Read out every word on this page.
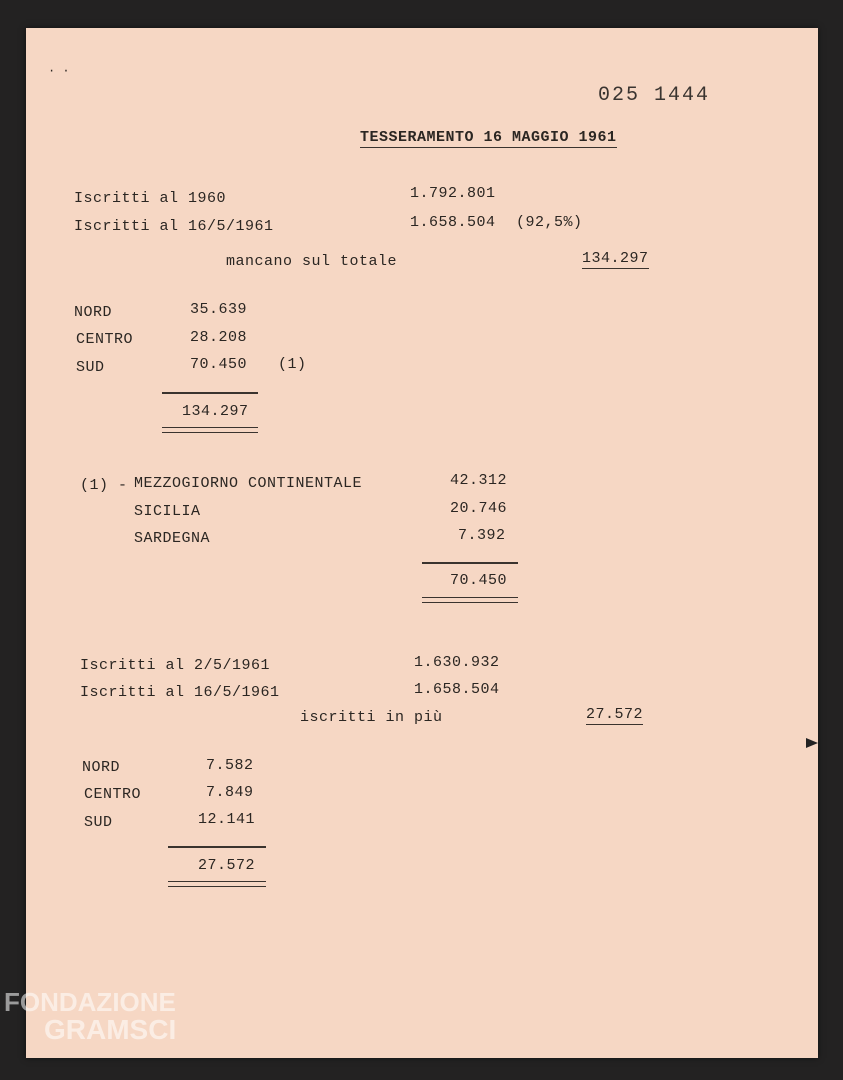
· ·
025 1444
TESSERAMENTO 16 MAGGIO 1961
Iscritti al 1960	1.792.801
Iscritti al 16/5/1961	1.658.504 (92,5%)
mancano sul totale	134.297
NORD	35.639
CENTRO	28.208
SUD	70.450 (1)
134.297
(1) - MEZZOGIORNO CONTINENTALE	42.312
SICILIA	20.746
SARDEGNA	7.392
70.450
Iscritti al 2/5/1961	1.630.932
Iscritti al 16/5/1961	1.658.504
iscritti in più	27.572
NORD	7.582
CENTRO	7.849
SUD	12.141
27.572
FONDAZIONE
GRAMSCI
